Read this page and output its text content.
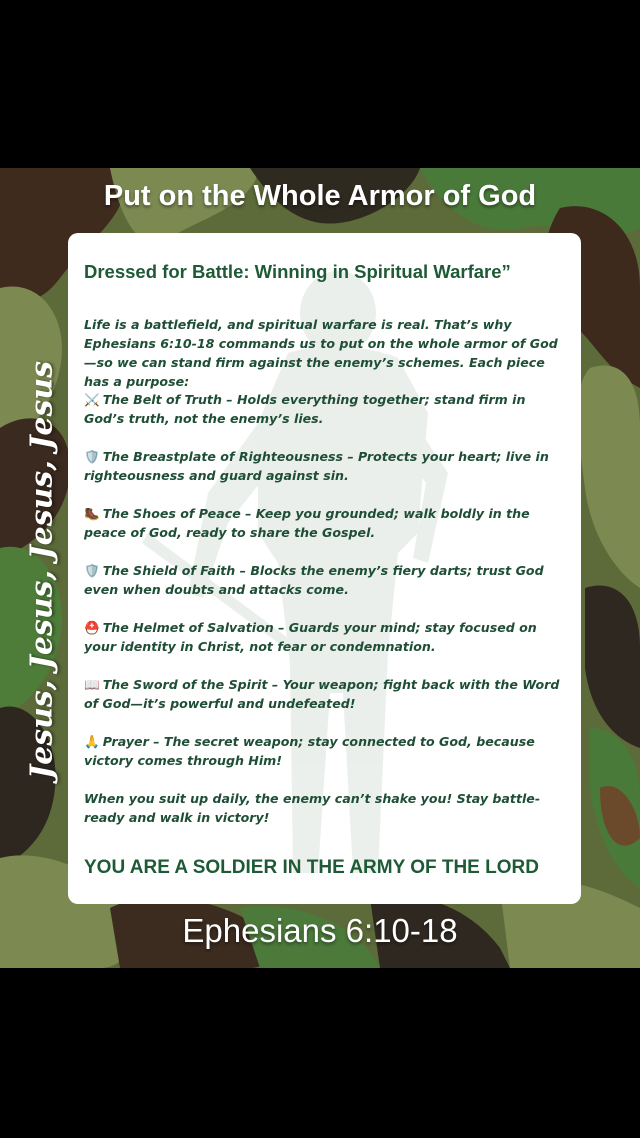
Put on the Whole Armor of God
Jesus, Jesus, Jesus, Jesus
Dressed for Battle: Winning in Spiritual Warfare”
Life is a battlefield, and spiritual warfare is real. That’s why Ephesians 6:10-18 commands us to put on the whole armor of God—so we can stand firm against the enemy’s schemes. Each piece has a purpose:
⚔️ The Belt of Truth – Holds everything together; stand firm in God’s truth, not the enemy’s lies.
🛡️ The Breastplate of Righteousness – Protects your heart; live in righteousness and guard against sin.
🥾 The Shoes of Peace – Keep you grounded; walk boldly in the peace of God, ready to share the Gospel.
🛡️ The Shield of Faith – Blocks the enemy’s fiery darts; trust God even when doubts and attacks come.
⛑️ The Helmet of Salvation – Guards your mind; stay focused on your identity in Christ, not fear or condemnation.
📖 The Sword of the Spirit – Your weapon; fight back with the Word of God—it’s powerful and undefeated!
🙏 Prayer – The secret weapon; stay connected to God, because victory comes through Him!
When you suit up daily, the enemy can’t shake you! Stay battle-ready and walk in victory!
YOU ARE A SOLDIER IN THE ARMY OF THE LORD
Ephesians 6:10-18
